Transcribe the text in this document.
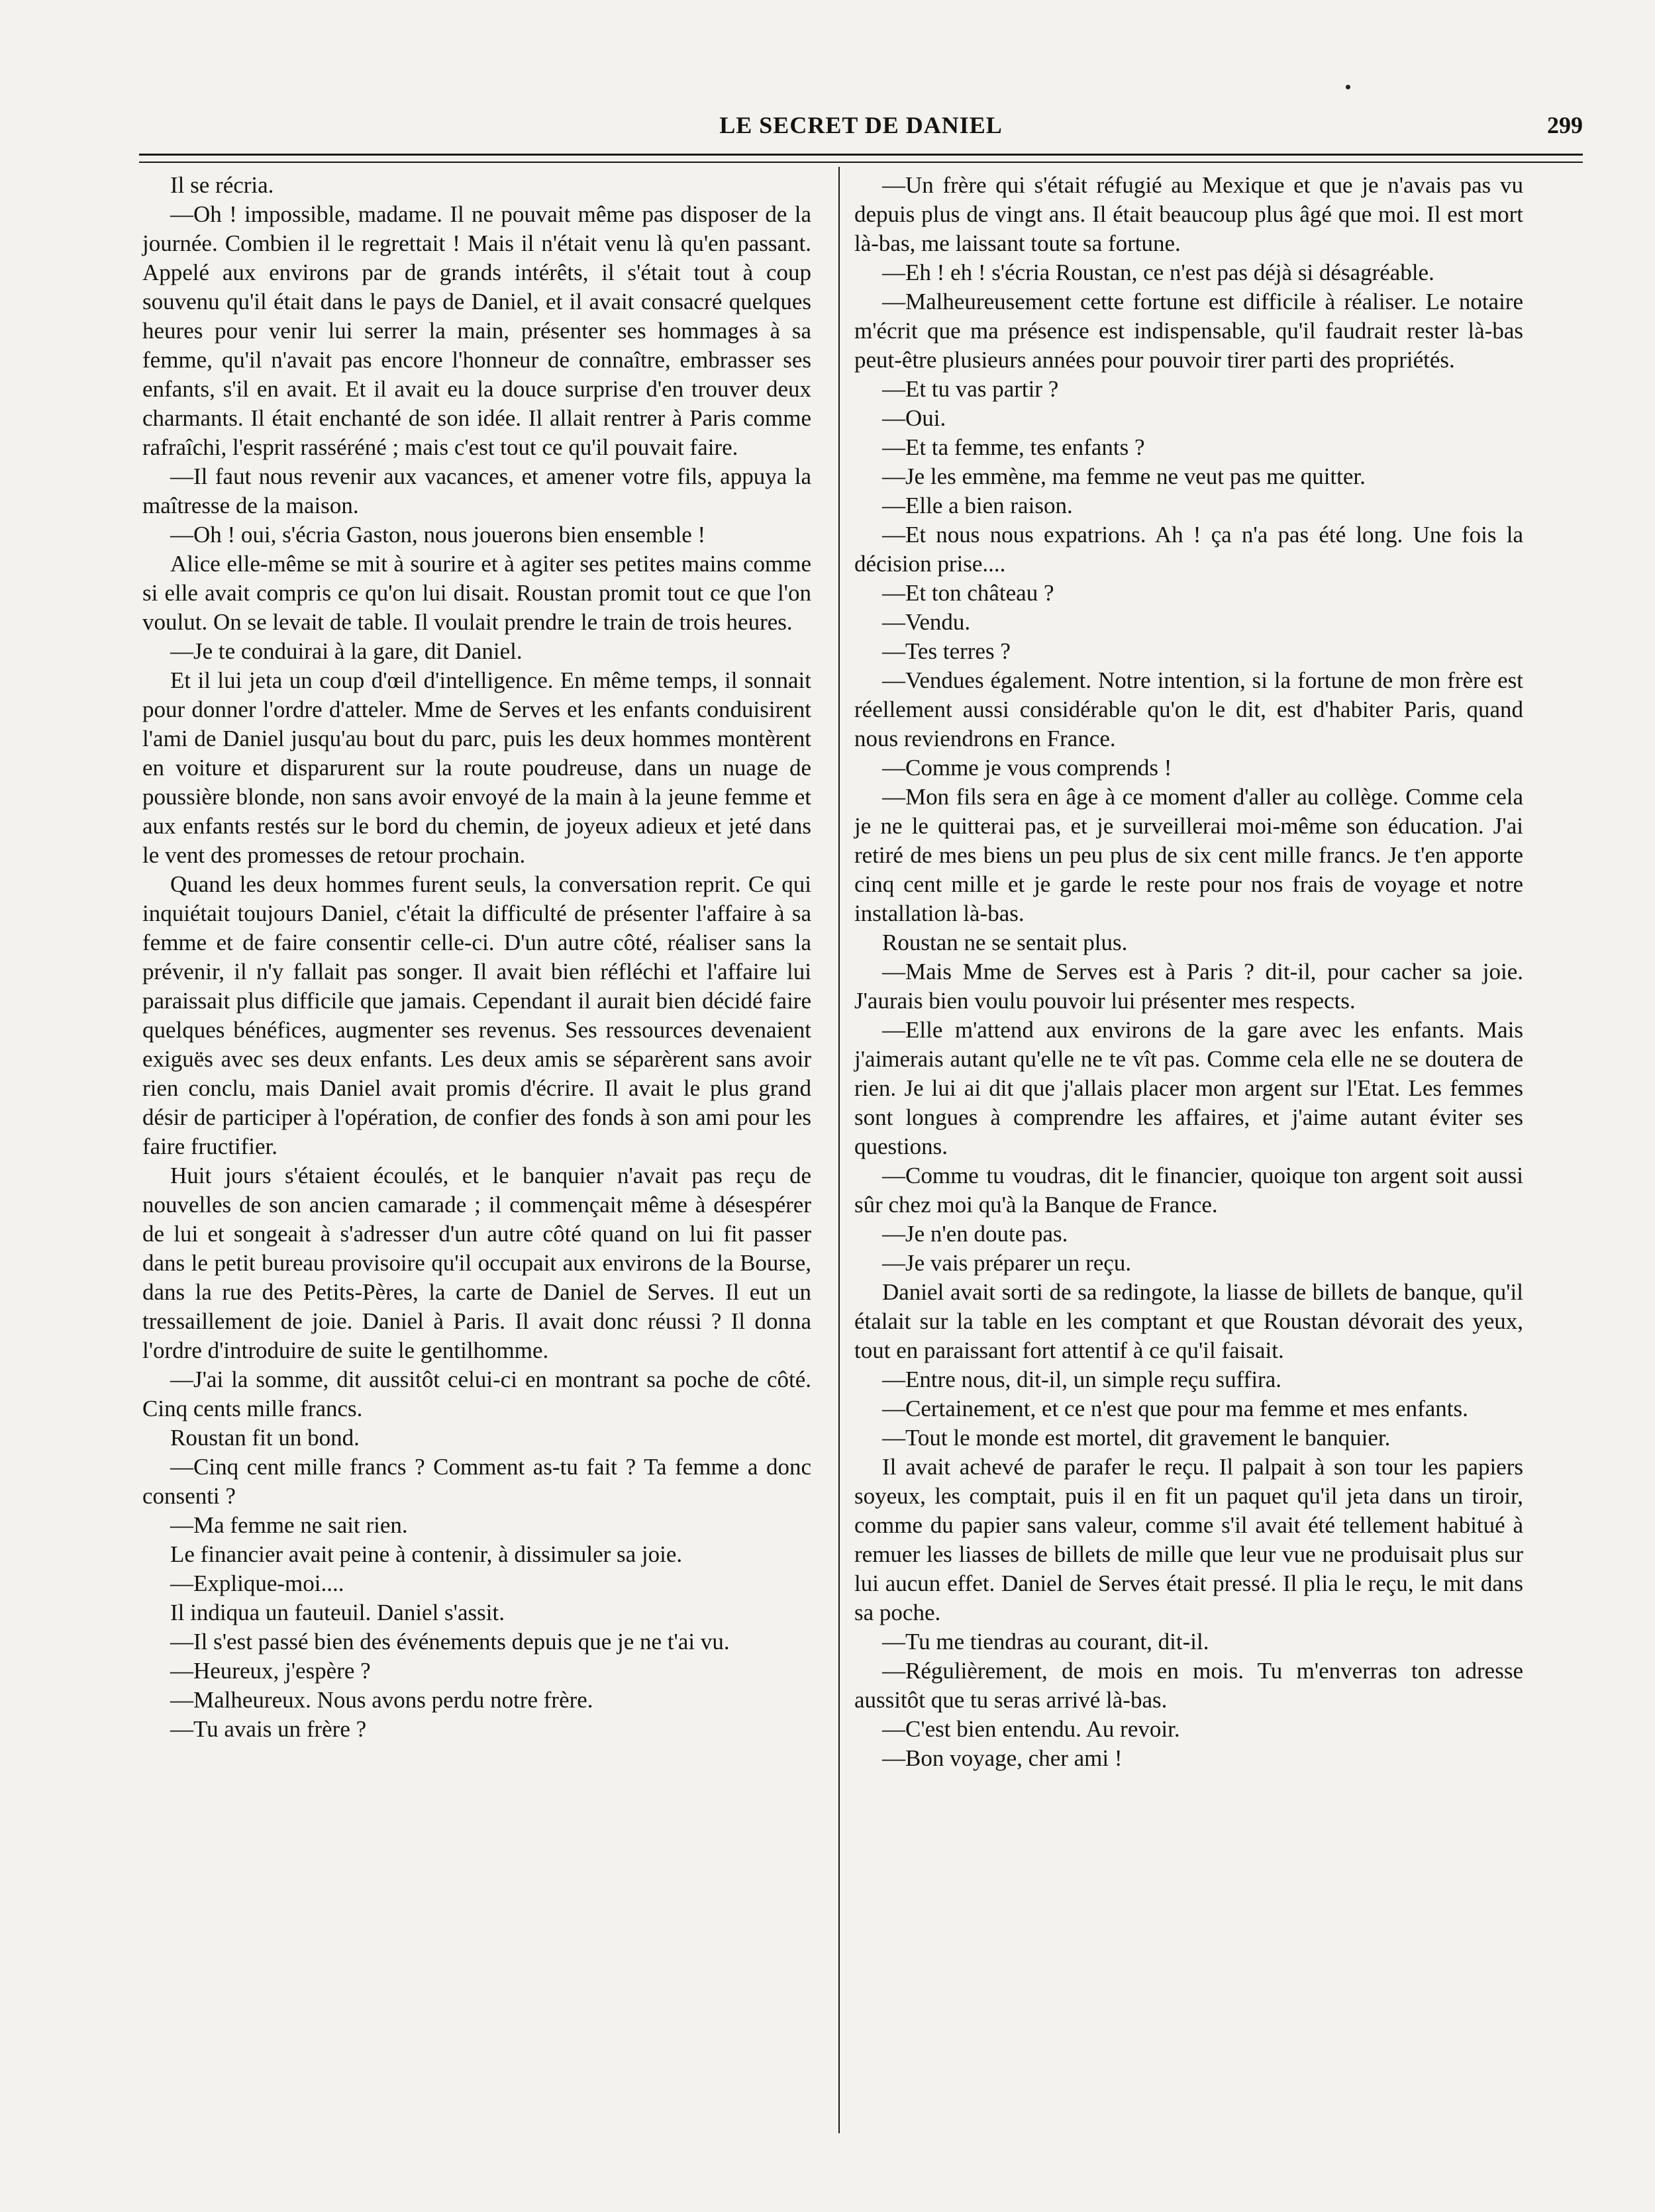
LE SECRET DE DANIEL	299

Il se récria.

—Oh ! impossible, madame. Il ne pouvait même pas disposer de la journée. Combien il le regrettait ! Mais il n'était venu là qu'en passant. Appelé aux environs par de grands intérêts, il s'était tout à coup souvenu qu'il était dans le pays de Daniel, et il avait consacré quelques heures pour venir lui serrer la main, présenter ses hommages à sa femme, qu'il n'avait pas encore l'honneur de connaître, embrasser ses enfants, s'il en avait. Et il avait eu la douce surprise d'en trouver deux charmants. Il était enchanté de son idée. Il allait rentrer à Paris comme rafraîchi, l'esprit rasséréné ; mais c'est tout ce qu'il pouvait faire.

—Il faut nous revenir aux vacances, et amener votre fils, appuya la maîtresse de la maison.

—Oh ! oui, s'écria Gaston, nous jouerons bien ensemble !

Alice elle-même se mit à sourire et à agiter ses petites mains comme si elle avait compris ce qu'on lui disait. Roustan promit tout ce que l'on voulut. On se levait de table. Il voulait prendre le train de trois heures.

—Je te conduirai à la gare, dit Daniel.

Et il lui jeta un coup d'œil d'intelligence. En même temps, il sonnait pour donner l'ordre d'atteler. Mme de Serves et les enfants conduisirent l'ami de Daniel jusqu'au bout du parc, puis les deux hommes montèrent en voiture et disparurent sur la route poudreuse, dans un nuage de poussière blonde, non sans avoir envoyé de la main à la jeune femme et aux enfants restés sur le bord du chemin, de joyeux adieux et jeté dans le vent des promesses de retour prochain.

Quand les deux hommes furent seuls, la conversation reprit. Ce qui inquiétait toujours Daniel, c'était la difficulté de présenter l'affaire à sa femme et de faire consentir celle-ci. D'un autre côté, réaliser sans la prévenir, il n'y fallait pas songer. Il avait bien réfléchi et l'affaire lui paraissait plus difficile que jamais. Cependant il aurait bien décidé faire quelques bénéfices, augmenter ses revenus. Ses ressources devenaient exiguës avec ses deux enfants. Les deux amis se séparèrent sans avoir rien conclu, mais Daniel avait promis d'écrire. Il avait le plus grand désir de participer à l'opération, de confier des fonds à son ami pour les faire fructifier.

Huit jours s'étaient écoulés, et le banquier n'avait pas reçu de nouvelles de son ancien camarade ; il commençait même à désespérer de lui et songeait à s'adresser d'un autre côté quand on lui fit passer dans le petit bureau provisoire qu'il occupait aux environs de la Bourse, dans la rue des Petits-Pères, la carte de Daniel de Serves. Il eut un tressaillement de joie. Daniel à Paris. Il avait donc réussi ? Il donna l'ordre d'introduire de suite le gentilhomme.

—J'ai la somme, dit aussitôt celui-ci en montrant sa poche de côté. Cinq cents mille francs.

Roustan fit un bond.

—Cinq cent mille francs ? Comment as-tu fait ? Ta femme a donc consenti ?

—Ma femme ne sait rien.

Le financier avait peine à contenir, à dissimuler sa joie.

—Explique-moi....

Il indiqua un fauteuil. Daniel s'assit.

—Il s'est passé bien des événements depuis que je ne t'ai vu.

—Heureux, j'espère ?

—Malheureux. Nous avons perdu notre frère.

—Tu avais un frère ?

—Un frère qui s'était réfugié au Mexique et que je n'avais pas vu depuis plus de vingt ans. Il était beaucoup plus âgé que moi. Il est mort là-bas, me laissant toute sa fortune.

—Eh ! eh ! s'écria Roustan, ce n'est pas déjà si désagréable.

—Malheureusement cette fortune est difficile à réaliser. Le notaire m'écrit que ma présence est indispensable, qu'il faudrait rester là-bas peut-être plusieurs années pour pouvoir tirer parti des propriétés.

—Et tu vas partir ?

—Oui.

—Et ta femme, tes enfants ?

—Je les emmène, ma femme ne veut pas me quitter.

—Elle a bien raison.

—Et nous nous expatrions. Ah ! ça n'a pas été long. Une fois la décision prise....

—Et ton château ?

—Vendu.

—Tes terres ?

—Vendues également. Notre intention, si la fortune de mon frère est réellement aussi considérable qu'on le dit, est d'habiter Paris, quand nous reviendrons en France.

—Comme je vous comprends !

—Mon fils sera en âge à ce moment d'aller au collège. Comme cela je ne le quitterai pas, et je surveillerai moi-même son éducation. J'ai retiré de mes biens un peu plus de six cent mille francs. Je t'en apporte cinq cent mille et je garde le reste pour nos frais de voyage et notre installation là-bas.

Roustan ne se sentait plus.

—Mais Mme de Serves est à Paris ? dit-il, pour cacher sa joie. J'aurais bien voulu pouvoir lui présenter mes respects.

—Elle m'attend aux environs de la gare avec les enfants. Mais j'aimerais autant qu'elle ne te vît pas. Comme cela elle ne se doutera de rien. Je lui ai dit que j'allais placer mon argent sur l'Etat. Les femmes sont longues à comprendre les affaires, et j'aime autant éviter ses questions.

—Comme tu voudras, dit le financier, quoique ton argent soit aussi sûr chez moi qu'à la Banque de France.

—Je n'en doute pas.

—Je vais préparer un reçu.

Daniel avait sorti de sa redingote, la liasse de billets de banque, qu'il étalait sur la table en les comptant et que Roustan dévorait des yeux, tout en paraissant fort attentif à ce qu'il faisait.

—Entre nous, dit-il, un simple reçu suffira.

—Certainement, et ce n'est que pour ma femme et mes enfants.

—Tout le monde est mortel, dit gravement le banquier.

Il avait achevé de parafer le reçu. Il palpait à son tour les papiers soyeux, les comptait, puis il en fit un paquet qu'il jeta dans un tiroir, comme du papier sans valeur, comme s'il avait été tellement habitué à remuer les liasses de billets de mille que leur vue ne produisait plus sur lui aucun effet. Daniel de Serves était pressé. Il plia le reçu, le mit dans sa poche.

—Tu me tiendras au courant, dit-il.

—Régulièrement, de mois en mois. Tu m'enverras ton adresse aussitôt que tu seras arrivé là-bas.

—C'est bien entendu. Au revoir.

—Bon voyage, cher ami !
